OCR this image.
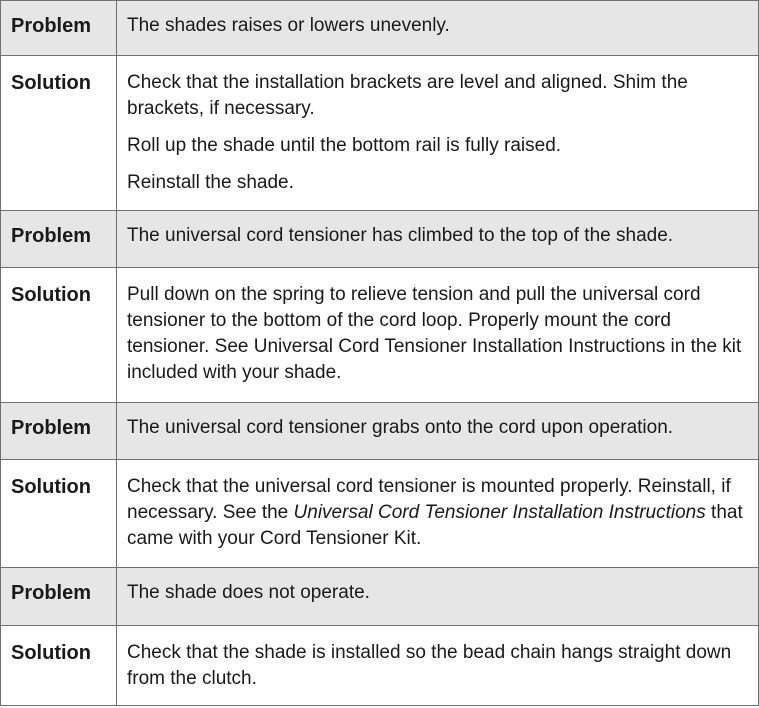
Problem	The shades raises or lowers unevenly.

Solution	Check that the installation brackets are level and aligned. Shim the brackets, if necessary.

Roll up the shade until the bottom rail is fully raised.

Reinstall the shade.

Problem	The universal cord tensioner has climbed to the top of the shade.

Solution	Pull down on the spring to relieve tension and pull the universal cord tensioner to the bottom of the cord loop. Properly mount the cord tensioner. See Universal Cord Tensioner Installation Instructions in the kit included with your shade.

Problem	The universal cord tensioner grabs onto the cord upon operation.

Solution	Check that the universal cord tensioner is mounted properly. Reinstall, if necessary. See the Universal Cord Tensioner Installation Instructions that came with your Cord Tensioner Kit.

Problem	The shade does not operate.

Solution	Check that the shade is installed so the bead chain hangs straight down from the clutch.
